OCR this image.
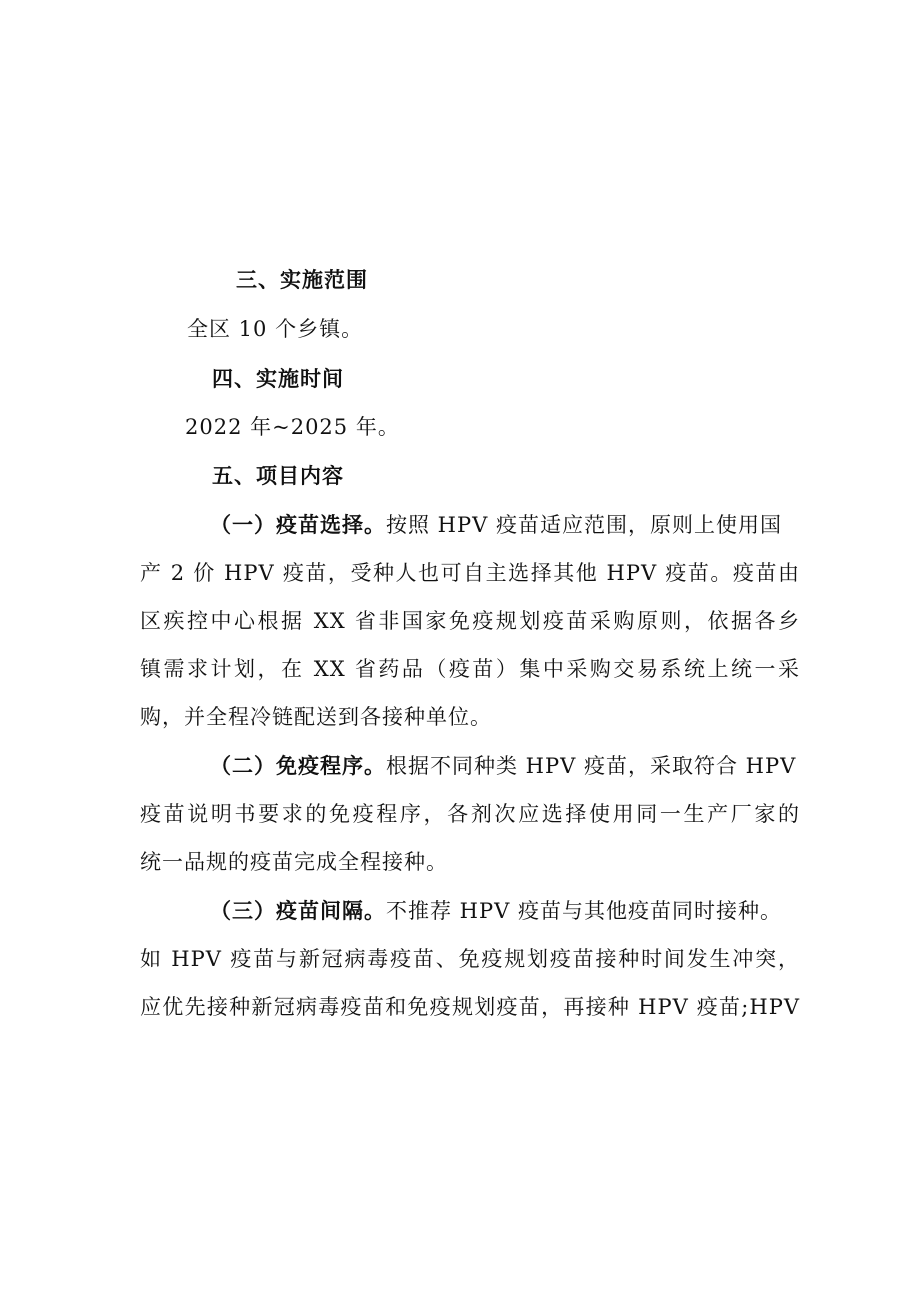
三、实施范围
全区 10 个乡镇。
四、实施时间
2022 年~2025 年。
五、项目内容
（一）疫苗选择。按照 HPV 疫苗适应范围，原则上使用国
产 2 价 HPV 疫苗，受种人也可自主选择其他 HPV 疫苗。疫苗由
区疾控中心根据 XX 省非国家免疫规划疫苗采购原则，依据各乡
镇需求计划，在 XX 省药品（疫苗）集中采购交易系统上统一采
购，并全程冷链配送到各接种单位。
（二）免疫程序。根据不同种类 HPV 疫苗，采取符合 HPV
疫苗说明书要求的免疫程序，各剂次应选择使用同一生产厂家的
统一品规的疫苗完成全程接种。
（三）疫苗间隔。不推荐 HPV 疫苗与其他疫苗同时接种。
如 HPV 疫苗与新冠病毒疫苗、免疫规划疫苗接种时间发生冲突，
应优先接种新冠病毒疫苗和免疫规划疫苗，再接种 HPV 疫苗;HPV
